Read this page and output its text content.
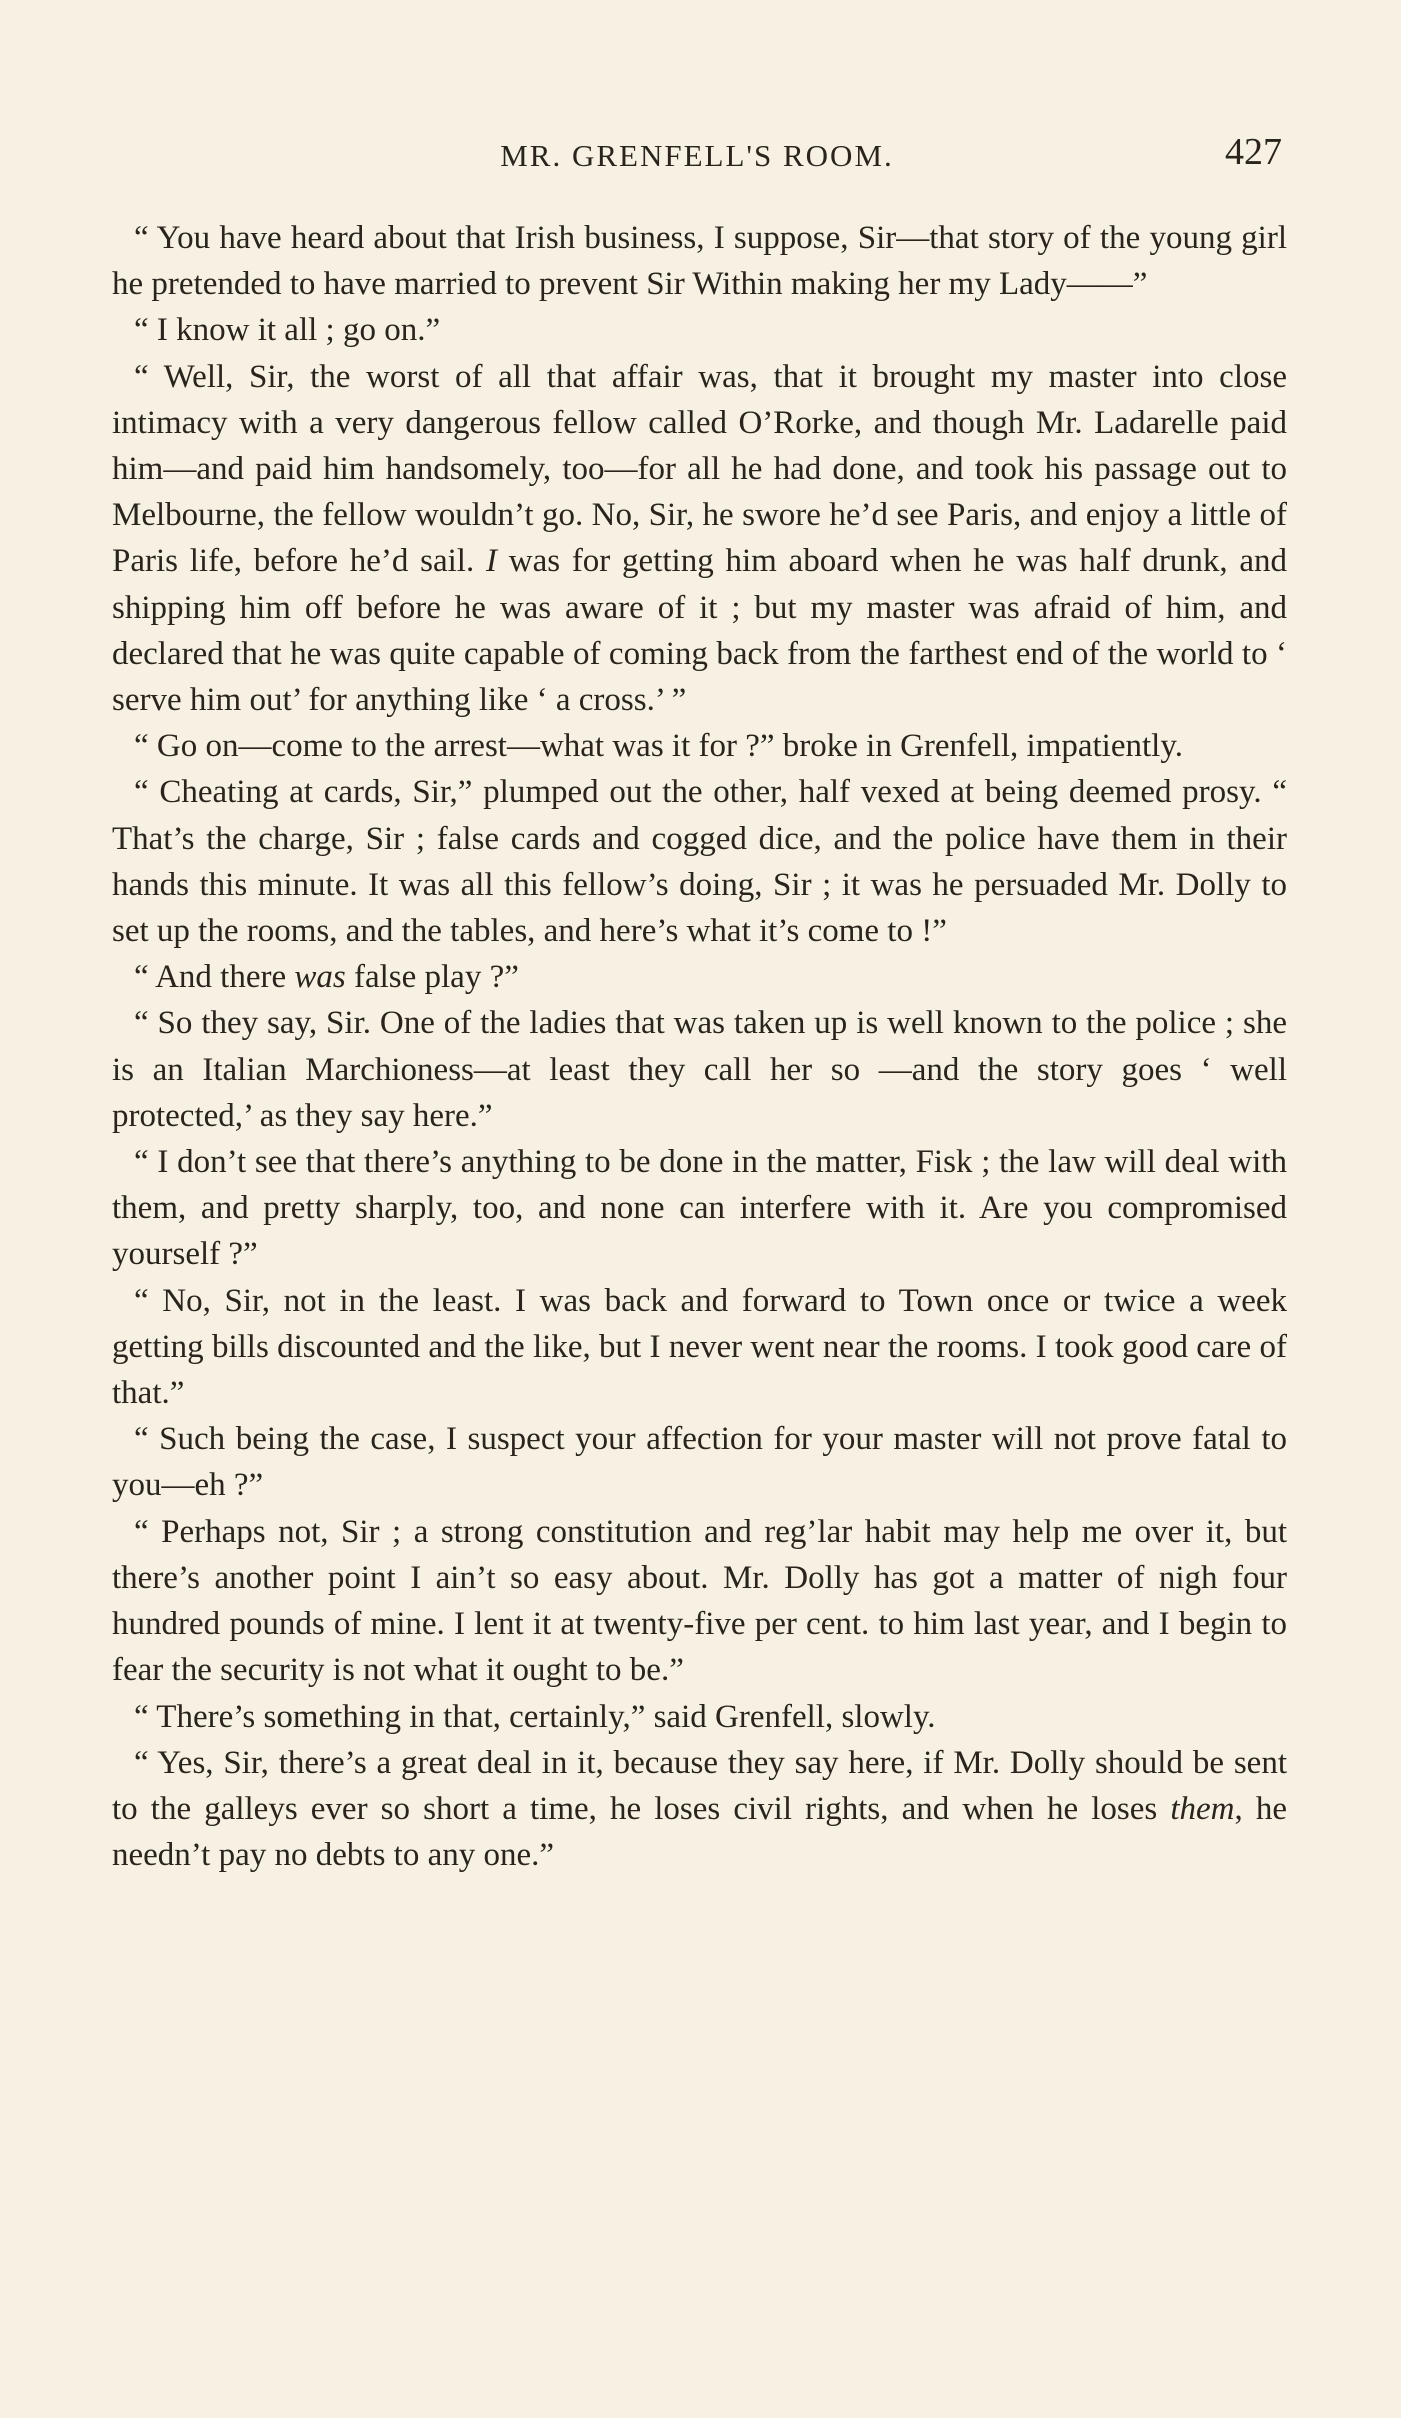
MR. GRENFELL'S ROOM.	427

“ You have heard about that Irish business, I suppose, Sir—that story of the young girl he pretended to have married to prevent Sir Within making her my Lady——”

“ I know it all ; go on.”

“ Well, Sir, the worst of all that affair was, that it brought my master into close intimacy with a very dangerous fellow called O’Rorke, and though Mr. Ladarelle paid him—and paid him handsomely, too—for all he had done, and took his passage out to Melbourne, the fellow wouldn’t go. No, Sir, he swore he’d see Paris, and enjoy a little of Paris life, before he’d sail. I was for getting him aboard when he was half drunk, and shipping him off before he was aware of it ; but my master was afraid of him, and declared that he was quite capable of coming back from the farthest end of the world to ‘ serve him out’ for anything like ‘ a cross.’ ”

“ Go on—come to the arrest—what was it for ?” broke in Grenfell, impatiently.

“ Cheating at cards, Sir,” plumped out the other, half vexed at being deemed prosy. “ That’s the charge, Sir ; false cards and cogged dice, and the police have them in their hands this minute. It was all this fellow’s doing, Sir ; it was he persuaded Mr. Dolly to set up the rooms, and the tables, and here’s what it’s come to !”

“ And there was false play ?”

“ So they say, Sir. One of the ladies that was taken up is well known to the police ; she is an Italian Marchioness—at least they call her so —and the story goes ‘ well protected,’ as they say here.”

“ I don’t see that there’s anything to be done in the matter, Fisk ; the law will deal with them, and pretty sharply, too, and none can interfere with it. Are you compromised yourself ?”

“ No, Sir, not in the least. I was back and forward to Town once or twice a week getting bills discounted and the like, but I never went near the rooms. I took good care of that.”

“ Such being the case, I suspect your affection for your master will not prove fatal to you—eh ?”

“ Perhaps not, Sir ; a strong constitution and reg’lar habit may help me over it, but there’s another point I ain’t so easy about. Mr. Dolly has got a matter of nigh four hundred pounds of mine. I lent it at twenty-five per cent. to him last year, and I begin to fear the security is not what it ought to be.”

“ There’s something in that, certainly,” said Grenfell, slowly.

“ Yes, Sir, there’s a great deal in it, because they say here, if Mr. Dolly should be sent to the galleys ever so short a time, he loses civil rights, and when he loses them, he needn’t pay no debts to any one.”
